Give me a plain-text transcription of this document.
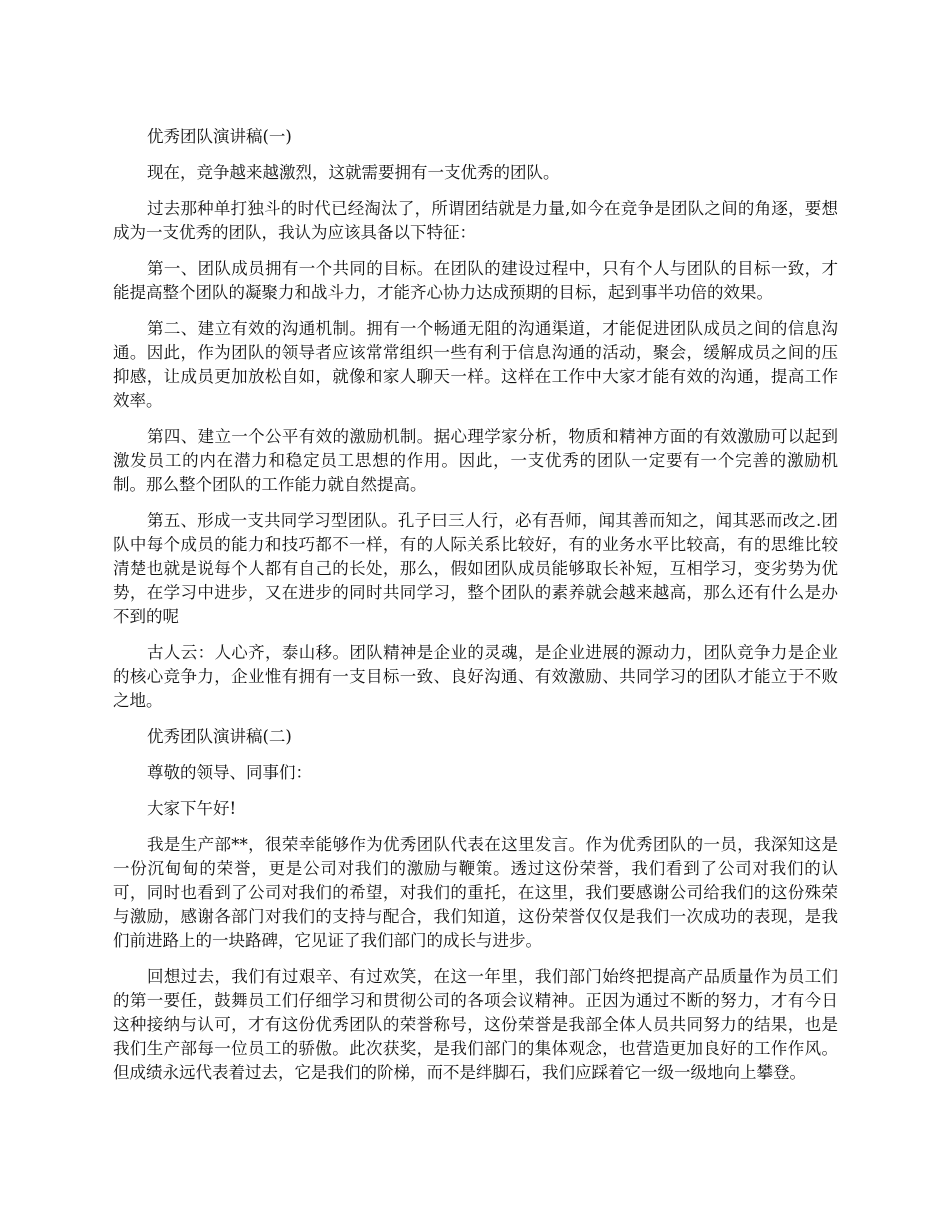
优秀团队演讲稿(一)

现在，竞争越来越激烈，这就需要拥有一支优秀的团队。

过去那种单打独斗的时代已经淘汰了，所谓团结就是力量,如今在竞争是团队之间的角逐，要想成为一支优秀的团队，我认为应该具备以下特征：

第一、团队成员拥有一个共同的目标。在团队的建设过程中，只有个人与团队的目标一致，才能提高整个团队的凝聚力和战斗力，才能齐心协力达成预期的目标，起到事半功倍的效果。

第二、建立有效的沟通机制。拥有一个畅通无阻的沟通渠道，才能促进团队成员之间的信息沟通。因此，作为团队的领导者应该常常组织一些有利于信息沟通的活动，聚会，缓解成员之间的压抑感，让成员更加放松自如，就像和家人聊天一样。这样在工作中大家才能有效的沟通，提高工作效率。

第四、建立一个公平有效的激励机制。据心理学家分析，物质和精神方面的有效激励可以起到激发员工的内在潜力和稳定员工思想的作用。因此，一支优秀的团队一定要有一个完善的激励机制。那么整个团队的工作能力就自然提高。

第五、形成一支共同学习型团队。孔子曰三人行，必有吾师，闻其善而知之，闻其恶而改之.团队中每个成员的能力和技巧都不一样，有的人际关系比较好，有的业务水平比较高，有的思维比较清楚也就是说每个人都有自己的长处，那么，假如团队成员能够取长补短，互相学习，变劣势为优势，在学习中进步，又在进步的同时共同学习，整个团队的素养就会越来越高，那么还有什么是办不到的呢

古人云：人心齐，泰山移。团队精神是企业的灵魂，是企业进展的源动力，团队竞争力是企业的核心竞争力，企业惟有拥有一支目标一致、良好沟通、有效激励、共同学习的团队才能立于不败之地。

优秀团队演讲稿(二)

尊敬的领导、同事们：

大家下午好!

我是生产部**，很荣幸能够作为优秀团队代表在这里发言。作为优秀团队的一员，我深知这是一份沉甸甸的荣誉，更是公司对我们的激励与鞭策。透过这份荣誉，我们看到了公司对我们的认可，同时也看到了公司对我们的希望，对我们的重托，在这里，我们要感谢公司给我们的这份殊荣与激励，感谢各部门对我们的支持与配合，我们知道，这份荣誉仅仅是我们一次成功的表现，是我们前进路上的一块路碑，它见证了我们部门的成长与进步。

回想过去，我们有过艰辛、有过欢笑，在这一年里，我们部门始终把提高产品质量作为员工们的第一要任，鼓舞员工们仔细学习和贯彻公司的各项会议精神。正因为通过不断的努力，才有今日这种接纳与认可，才有这份优秀团队的荣誉称号，这份荣誉是我部全体人员共同努力的结果，也是我们生产部每一位员工的骄傲。此次获奖，是我们部门的集体观念，也营造更加良好的工作作风。但成绩永远代表着过去，它是我们的阶梯，而不是绊脚石，我们应踩着它一级一级地向上攀登。
